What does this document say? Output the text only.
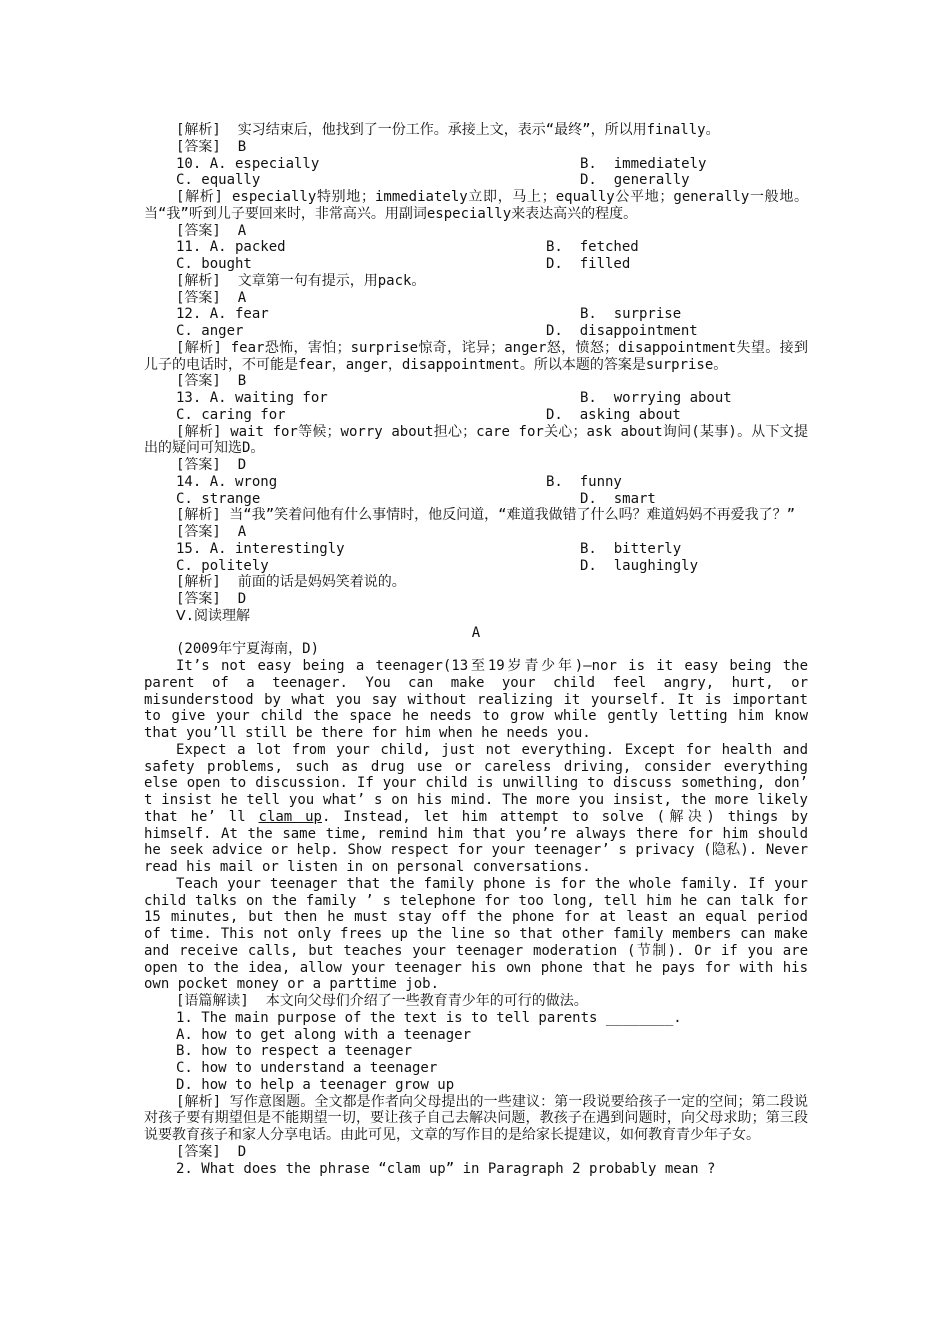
[解析]  实习结束后，他找到了一份工作。承接上文，表示“最终”，所以用finally。
[答案]  B
10. A. especially	B.  immediately
C. equally	D.  generally
[解析] especially特别地；immediately立即，马上；equally公平地；generally一般地。当“我”听到儿子要回来时，非常高兴。用副词especially来表达高兴的程度。
[答案]  A
11. A. packed	B.  fetched
C. bought	D.  filled
[解析]  文章第一句有提示，用pack。
[答案]  A
12. A. fear	B.  surprise
C. anger	D.  disappointment
[解析] fear恐怖，害怕；surprise惊奇，诧异；anger怒，愤怒；disappointment失望。接到儿子的电话时，不可能是fear，anger，disappointment。所以本题的答案是surprise。
[答案]  B
13. A. waiting for	B.  worrying about
C. caring for	D.  asking about
[解析] wait for等候；worry about担心；care for关心；ask about询问(某事)。从下文提出的疑问可知选D。
[答案]  D
14. A. wrong	B.  funny
C. strange	D.  smart
[解析] 当“我”笑着问他有什么事情时，他反问道，“难道我做错了什么吗？难道妈妈不再爱我了？”
[答案]  A
15. A. interestingly	B.  bitterly
C. politely	D.  laughingly
[解析]  前面的话是妈妈笑着说的。
[答案]  D
Ⅴ.阅读理解
A
(2009年宁夏海南，D)
It’s not easy being a teenager(13至19岁青少年)—nor is it easy being the parent of a teenager. You can make your child feel angry, hurt, or misunderstood by what you say without realizing it yourself. It is important to give your child the space he needs to grow while gently letting him know that you’ll still be there for him when he needs you.
Expect a lot from your child, just not everything. Except for health and safety problems, such as drug use or careless driving, consider everything else open to discussion. If your child is unwilling to discuss something, don’ t insist he tell you what’ s on his mind. The more you insist, the more likely that he’ ll clam up. Instead, let him attempt to solve (解决) things by himself. At the same time, remind him that you’re always there for him should he seek advice or help. Show respect for your teenager’ s privacy (隐私). Never read his mail or listen in on personal conversations.
Teach your teenager that the family phone is for the whole family. If your child talks on the family ’ s telephone for too long, tell him he can talk for 15 minutes, but then he must stay off the phone for at least an equal period of time. This not only frees up the line so that other family members can make and receive calls, but teaches your teenager moderation (节制). Or if you are open to the idea, allow your teenager his own phone that he pays for with his own pocket money or a parttime job.
[语篇解读]  本文向父母们介绍了一些教育青少年的可行的做法。
1. The main purpose of the text is to tell parents ________.
A. how to get along with a teenager
B. how to respect a teenager
C. how to understand a teenager
D. how to help a teenager grow up
[解析] 写作意图题。全文都是作者向父母提出的一些建议：第一段说要给孩子一定的空间；第二段说对孩子要有期望但是不能期望一切，要让孩子自己去解决问题，教孩子在遇到问题时，向父母求助；第三段说要教育孩子和家人分享电话。由此可见，文章的写作目的是给家长提建议，如何教育青少年子女。
[答案]  D
2. What does the phrase “clam up” in Paragraph 2 probably mean ?
